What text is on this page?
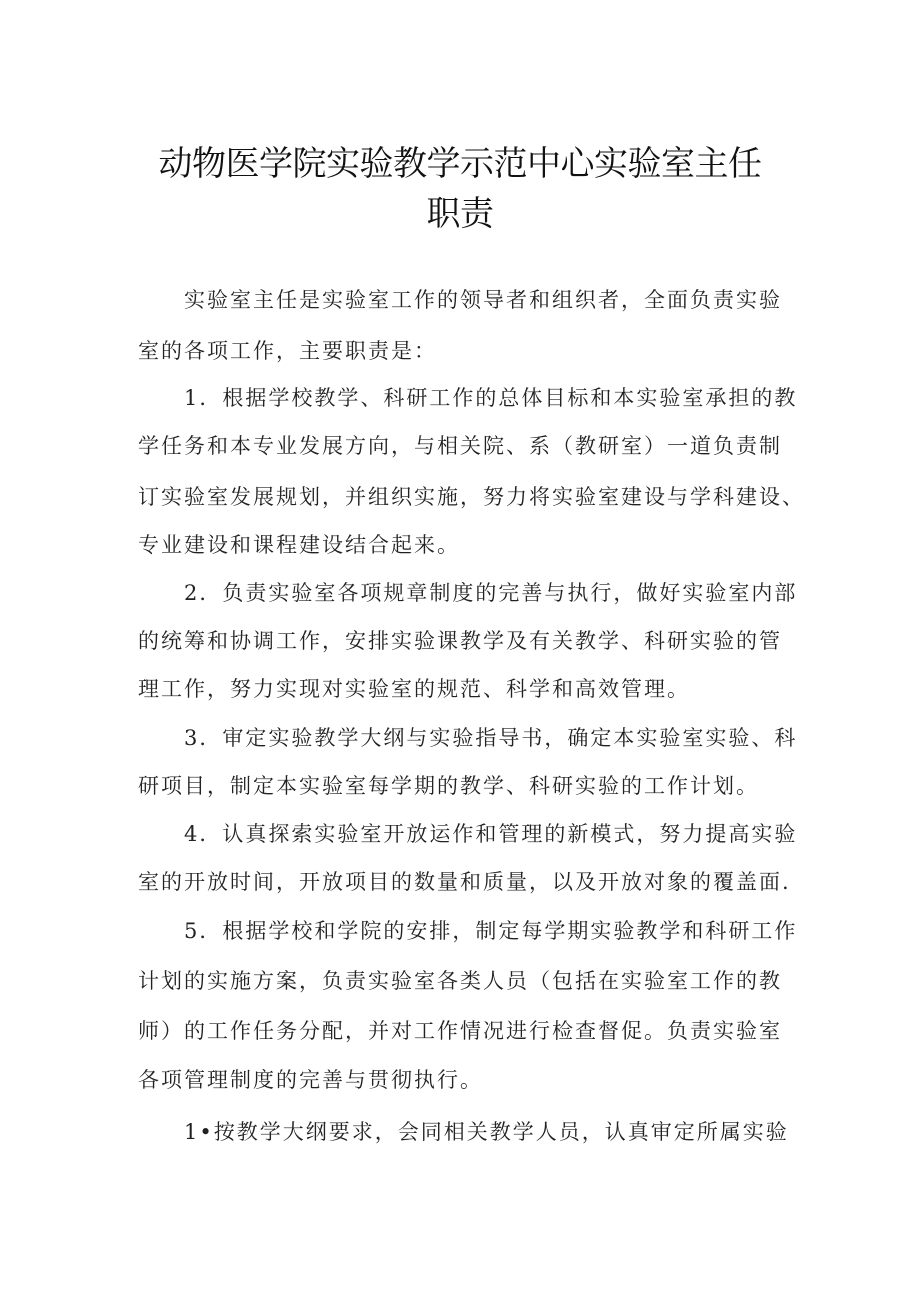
动物医学院实验教学示范中心实验室主任
职责
实验室主任是实验室工作的领导者和组织者，全面负责实验
室的各项工作，主要职责是：
1．根据学校教学、科研工作的总体目标和本实验室承担的教
学任务和本专业发展方向，与相关院、系（教研室）一道负责制
订实验室发展规划，并组织实施，努力将实验室建设与学科建设、
专业建设和课程建设结合起来。
2．负责实验室各项规章制度的完善与执行，做好实验室内部
的统筹和协调工作，安排实验课教学及有关教学、科研实验的管
理工作，努力实现对实验室的规范、科学和高效管理。
3．审定实验教学大纲与实验指导书，确定本实验室实验、科
研项目，制定本实验室每学期的教学、科研实验的工作计划。
4．认真探索实验室开放运作和管理的新模式，努力提高实验
室的开放时间，开放项目的数量和质量，以及开放对象的覆盖面.
5．根据学校和学院的安排，制定每学期实验教学和科研工作
计划的实施方案，负责实验室各类人员（包括在实验室工作的教
师）的工作任务分配，并对工作情况进行检查督促。负责实验室
各项管理制度的完善与贯彻执行。
1•按教学大纲要求，会同相关教学人员，认真审定所属实验
